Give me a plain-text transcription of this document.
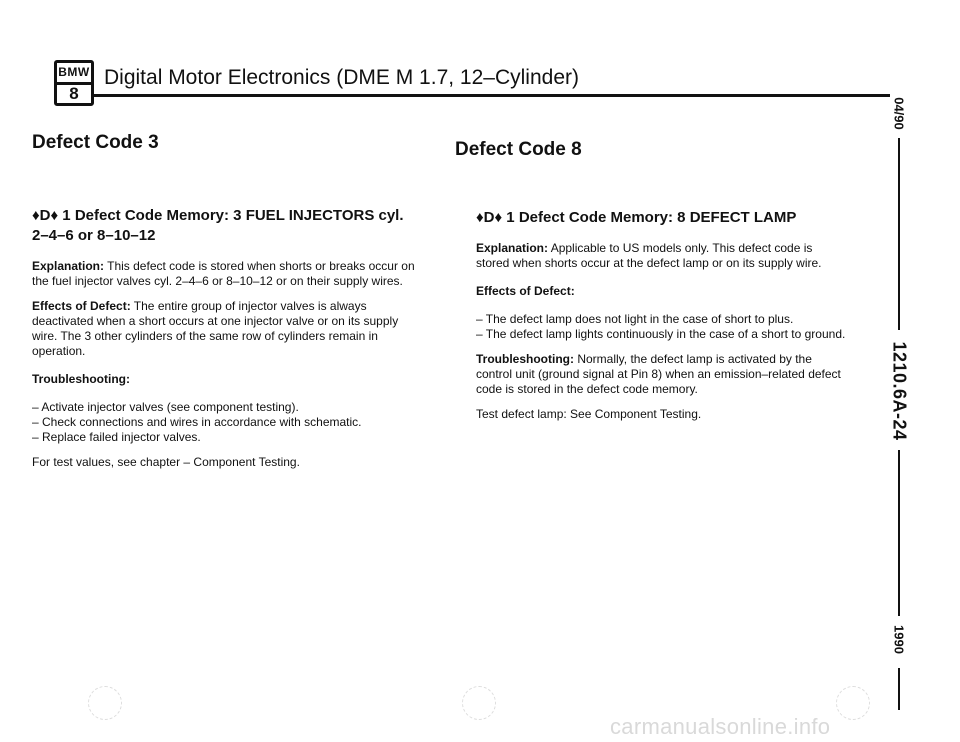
BMW
8
Digital Motor Electronics (DME M 1.7, 12–Cylinder)
Defect Code 3	Defect Code 8
♦D♦ 1 Defect Code Memory: 3 FUEL INJECTORS cyl. 2–4–6 or 8–10–12
Explanation: This defect code is stored when shorts or breaks occur on the fuel injector valves cyl. 2–4–6 or 8–10–12 or on their supply wires.
Effects of Defect: The entire group of injector valves is always deactivated when a short occurs at one injector valve or on its supply wire. The 3 other cylinders of the same row of cylinders remain in operation.
Troubleshooting:
– Activate injector valves (see component testing).
– Check connections and wires in accordance with schematic.
– Replace failed injector valves.
For test values, see chapter – Component Testing.
♦D♦ 1 Defect Code Memory: 8 DEFECT LAMP
Explanation: Applicable to US models only. This defect code is stored when shorts occur at the defect lamp or on its supply wire.
Effects of Defect:
– The defect lamp does not light in the case of short to plus.
– The defect lamp lights continuously in the case of a short to ground.
Troubleshooting: Normally, the defect lamp is activated by the control unit (ground signal at Pin 8) when an emission–related defect code is stored in the defect code memory.
Test defect lamp: See Component Testing.
04/90
1210.6A-24
1990
carmanualsonline.info
